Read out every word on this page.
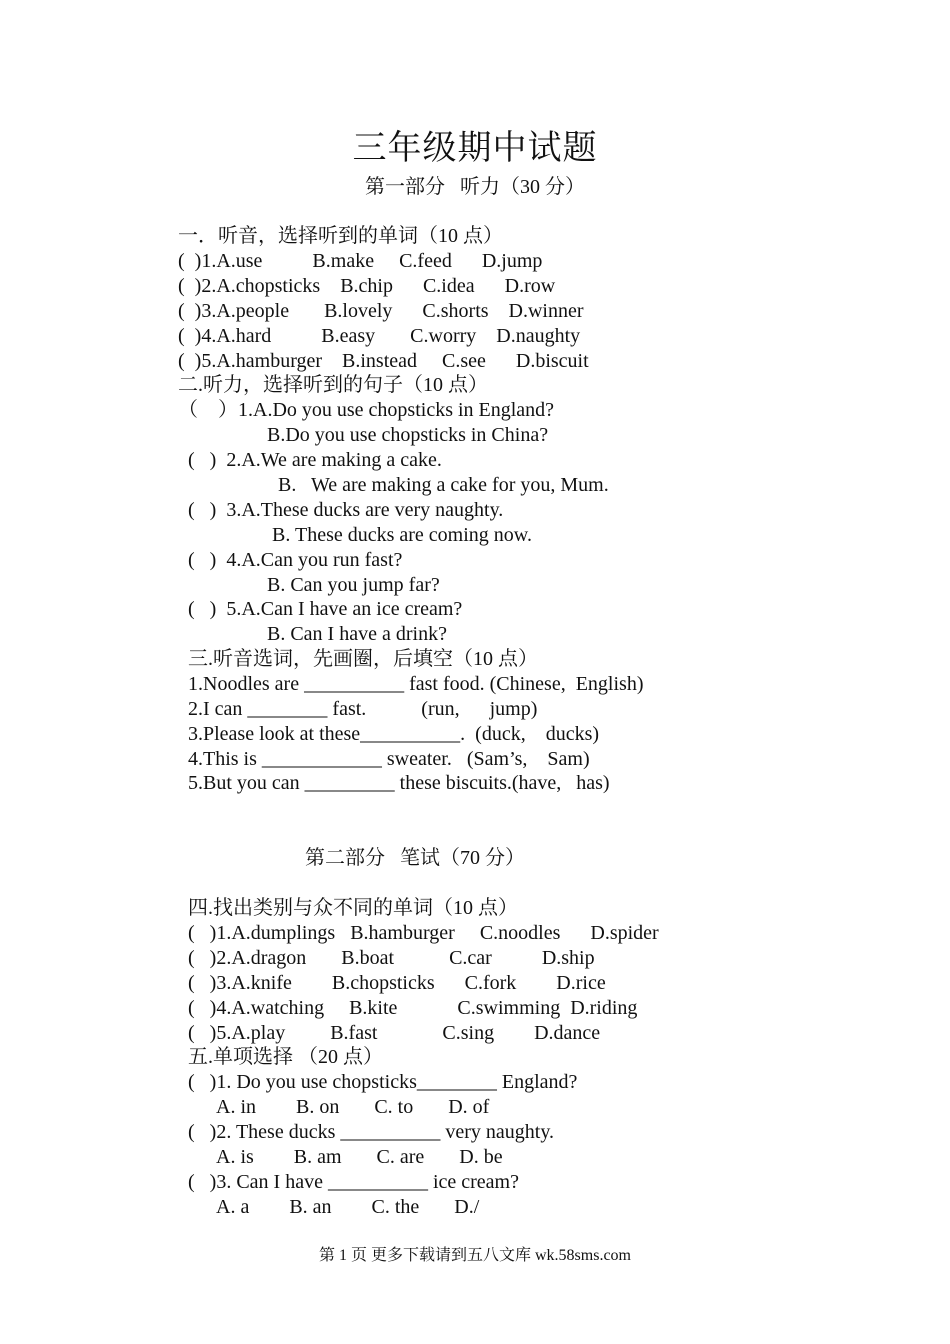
三年级期中试题
第一部分   听力（30 分）
一．听音，选择听到的单词（10 点）
(  )1.A.use          B.make     C.feed      D.jump
(  )2.A.chopsticks    B.chip      C.idea      D.row
(  )3.A.people       B.lovely      C.shorts    D.winner
(  )4.A.hard          B.easy       C.worry    D.naughty
(  )5.A.hamburger    B.instead     C.see      D.biscuit
二.听力，选择听到的句子（10 点）
（    ）1.A.Do you use chopsticks in England?
B.Do you use chopsticks in China?
(   )  2.A.We are making a cake.
B.   We are making a cake for you, Mum.
(   )  3.A.These ducks are very naughty.
B. These ducks are coming now.
(   )  4.A.Can you run fast?
B. Can you jump far?
(   )  5.A.Can I have an ice cream?
B. Can I have a drink?
三.听音选词，先画圈，后填空（10 点）
1.Noodles are __________ fast food. (Chinese,  English)
2.I can ________ fast.           (run,      jump)
3.Please look at these__________.  (duck,    ducks)
4.This is ____________ sweater.   (Sam’s,    Sam)
5.But you can _________ these biscuits.(have,   has)
第二部分   笔试（70 分）
四.找出类别与众不同的单词（10 点）
(   )1.A.dumplings   B.hamburger     C.noodles      D.spider
(   )2.A.dragon       B.boat           C.car          D.ship
(   )3.A.knife        B.chopsticks      C.fork        D.rice
(   )4.A.watching     B.kite            C.swimming  D.riding
(   )5.A.play         B.fast             C.sing        D.dance
五.单项选择 （20 点）
(   )1. Do you use chopsticks________ England?
A. in        B. on       C. to       D. of
(   )2. These ducks __________ very naughty.
A. is        B. am       C. are       D. be
(   )3. Can I have __________ ice cream?
A. a        B. an        C. the       D./
第 1 页 更多下载请到五八文库 wk.58sms.com
